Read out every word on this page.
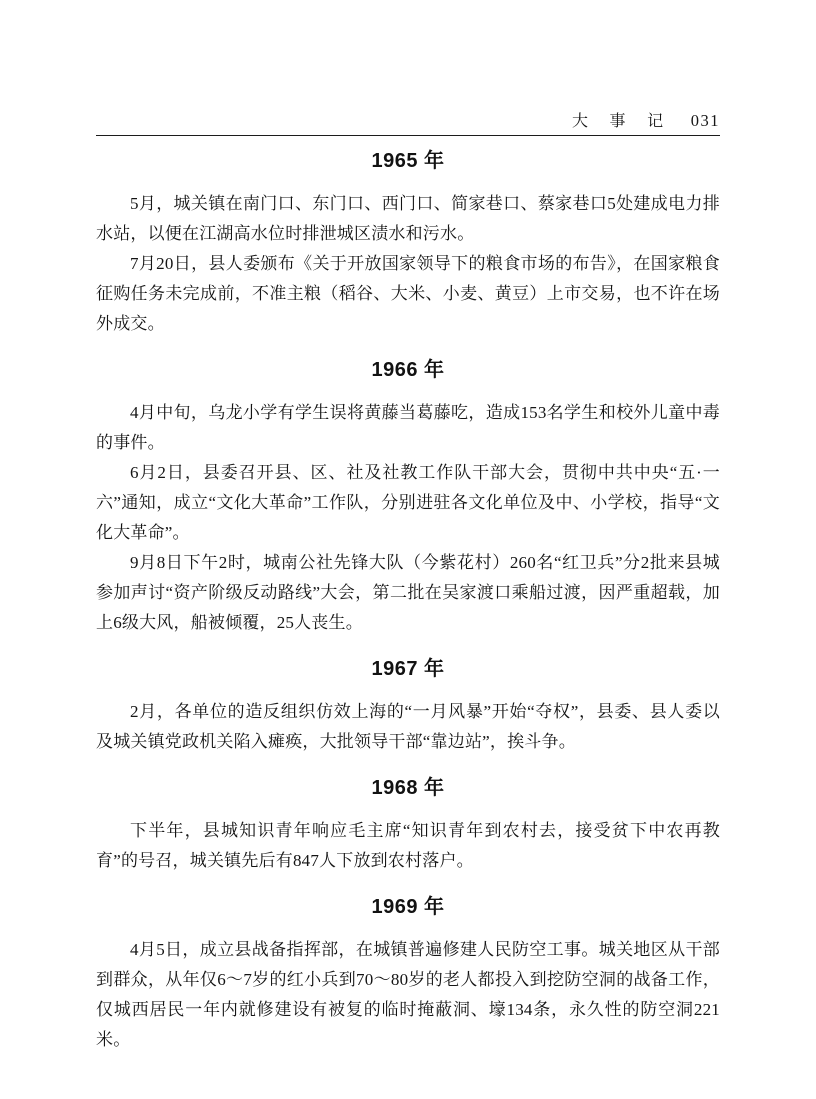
大事记 031
1965 年

5月，城关镇在南门口、东门口、西门口、简家巷口、蔡家巷口5处建成电力排水站，以便在江湖高水位时排泄城区渍水和污水。

7月20日，县人委颁布《关于开放国家领导下的粮食市场的布告》，在国家粮食征购任务未完成前，不准主粮（稻谷、大米、小麦、黄豆）上市交易，也不许在场外成交。

1966 年

4月中旬，乌龙小学有学生误将黄藤当葛藤吃，造成153名学生和校外儿童中毒的事件。

6月2日，县委召开县、区、社及社教工作队干部大会，贯彻中共中央“五·一六”通知，成立“文化大革命”工作队，分别进驻各文化单位及中、小学校，指导“文化大革命”。

9月8日下午2时，城南公社先锋大队（今紫花村）260名“红卫兵”分2批来县城参加声讨“资产阶级反动路线”大会，第二批在吴家渡口乘船过渡，因严重超载，加上6级大风，船被倾覆，25人丧生。

1967 年

2月，各单位的造反组织仿效上海的“一月风暴”开始“夺权”，县委、县人委以及城关镇党政机关陷入瘫痪，大批领导干部“靠边站”，挨斗争。

1968 年

下半年，县城知识青年响应毛主席“知识青年到农村去，接受贫下中农再教育”的号召，城关镇先后有847人下放到农村落户。

1969 年

4月5日，成立县战备指挥部，在城镇普遍修建人民防空工事。城关地区从干部到群众，从年仅6～7岁的红小兵到70～80岁的老人都投入到挖防空洞的战备工作，仅城西居民一年内就修建设有被复的临时掩蔽洞、壕134条，永久性的防空洞221米。
